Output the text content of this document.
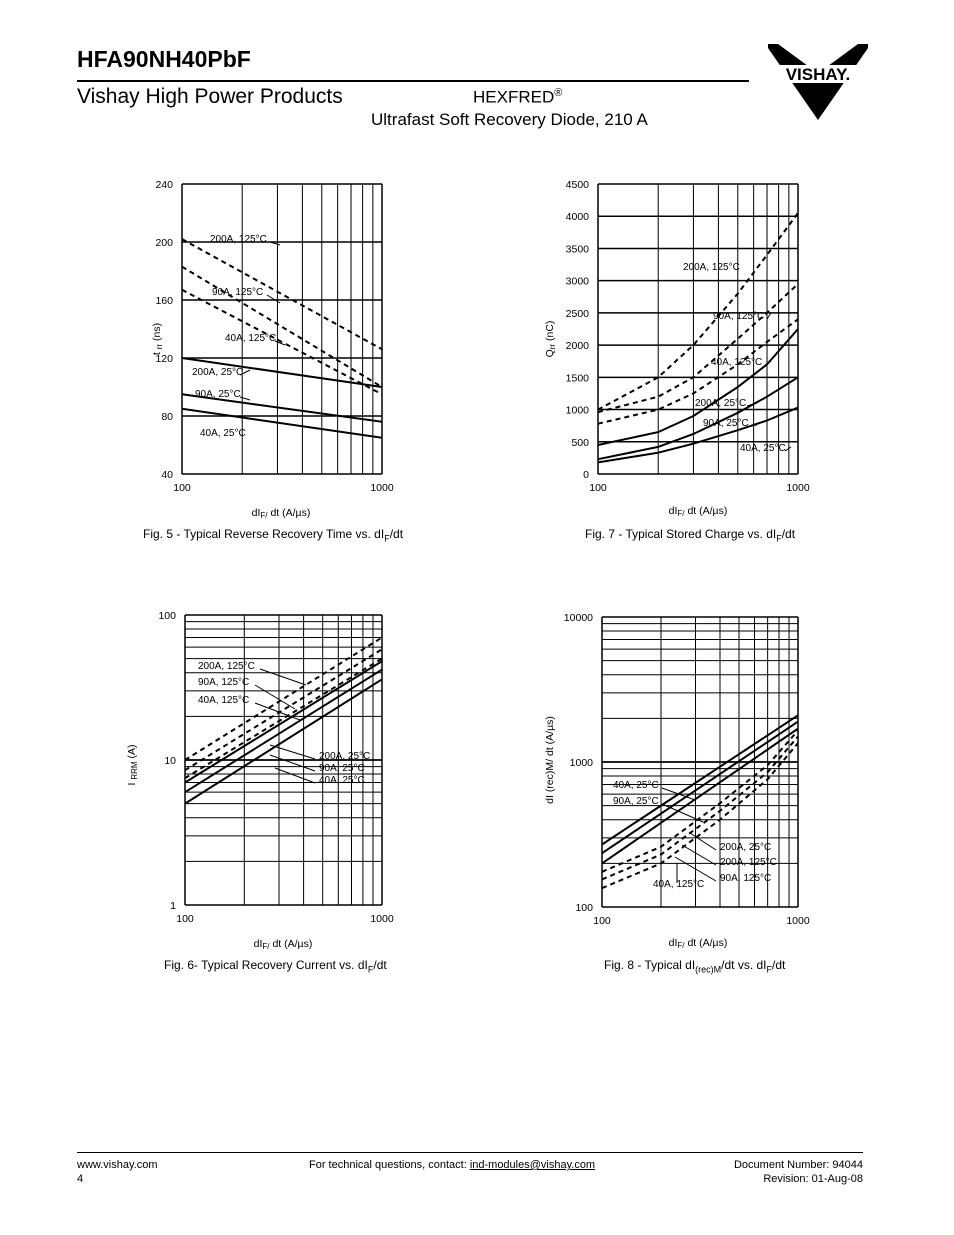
HFA90NH40PbF
Vishay High Power Products	HEXFRED®
Ultrafast Soft Recovery Diode, 210 A
VISHAY.
t rr (ns)
dIF/ dt (A/µs)
40
80
120
160
200
240
100	1000
200A, 125°C
90A, 125°C
40A, 125°C
200A, 25°C
90A, 25°C
40A, 25°C
Fig. 5 - Typical Reverse Recovery Time vs. $dI_F/dt$
Qrr (nC)
dIF/ dt (A/µs)
0
500
1000
1500
2000
2500
3000
3500
4000
4500
100	1000
200A, 125°C
90A, 125°C
40A, 125°C
200A, 25°C
90A, 25°C
40A, 25°C
Fig. 7 - Typical Stored Charge vs. $dI_F/dt$
I RRM (A)
dIF/ dt (A/µs)
1
10
100
100	1000
200A, 125°C
90A, 125°C
40A, 125°C
200A, 25°C
90A, 25°C
40A, 25°C
Fig. 6- Typical Recovery Current vs. $dI_F/dt$
dI (rec)M/ dt (A/µs)
dIF/ dt (A/µs)
100
1000
10000
100	1000
40A, 25°C
90A, 25°C
200A, 25°C
200A, 125°C
90A, 125°C
40A, 125°C
Fig. 8 - Typical $dI_{(rec)M}/dt$ vs. $dI_F/dt$
www.vishay.com
4
For technical questions, contact: ind-modules@vishay.com	Document Number: 94044
Revision: 01-Aug-08
